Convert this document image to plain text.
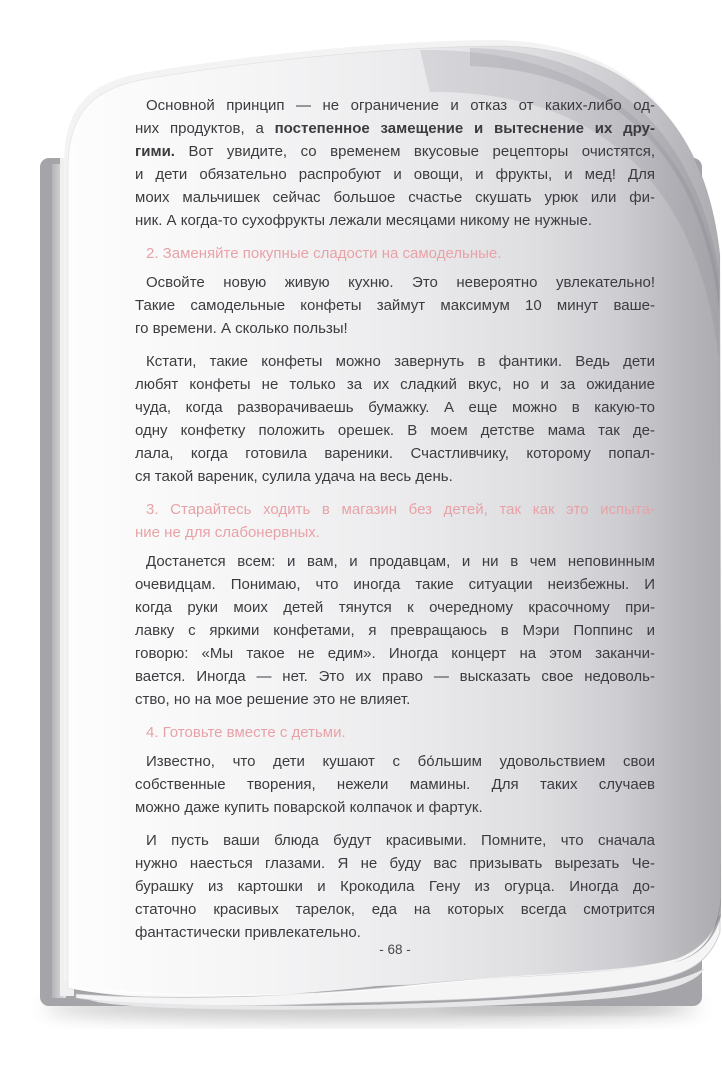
Основной принцип — не ограничение и отказ от каких-либо од-
них продуктов, а постепенное замещение и вытеснение их дру-
гими. Вот увидите, со временем вкусовые рецепторы очистятся,
и дети обязательно распробуют и овощи, и фрукты, и мед! Для
моих мальчишек сейчас большое счастье скушать урюк или фи-
ник. А когда-то сухофрукты лежали месяцами никому не нужные.
2. Заменяйте покупные сладости на самодельные.
Освойте новую живую кухню. Это невероятно увлекательно!
Такие самодельные конфеты займут максимум 10 минут ваше-
го времени. А сколько пользы!
Кстати, такие конфеты можно завернуть в фантики. Ведь дети
любят конфеты не только за их сладкий вкус, но и за ожидание
чуда, когда разворачиваешь бумажку. А еще можно в какую-то
одну конфетку положить орешек. В моем детстве мама так де-
лала, когда готовила вареники. Счастливчику, которому попал-
ся такой вареник, сулила удача на весь день.
3. Старайтесь ходить в магазин без детей, так как это испыта-
ние не для слабонервных.
Достанется всем: и вам, и продавцам, и ни в чем неповинным
очевидцам. Понимаю, что иногда такие ситуации неизбежны. И
когда руки моих детей тянутся к очередному красочному при-
лавку с яркими конфетами, я превращаюсь в Мэри Поппинс и
говорю: «Мы такое не едим». Иногда концерт на этом заканчи-
вается. Иногда — нет. Это их право — высказать свое недоволь-
ство, но на мое решение это не влияет.
4. Готовьте вместе с детьми.
Известно, что дети кушают с бо́льшим удовольствием свои
собственные творения, нежели мамины. Для таких случаев
можно даже купить поварской колпачок и фартук.
И пусть ваши блюда будут красивыми. Помните, что сначала
нужно наесться глазами. Я не буду вас призывать вырезать Че-
бурашку из картошки и Крокодила Гену из огурца. Иногда до-
статочно красивых тарелок, еда на которых всегда смотрится
фантастически привлекательно.
- 68 -
